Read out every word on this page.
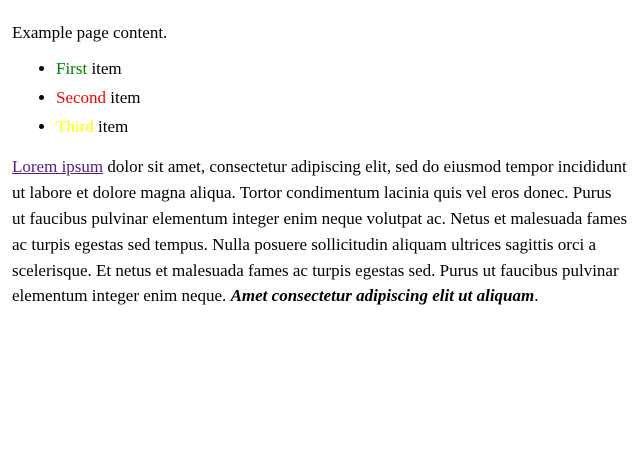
Example page content.

• First item
• Second item
• Third item

Lorem ipsum dolor sit amet, consectetur adipiscing elit, sed do eiusmod tempor incididunt ut labore et dolore magna aliqua. Tortor condimentum lacinia quis vel eros donec. Purus ut faucibus pulvinar elementum integer enim neque volutpat ac. Netus et malesuada fames ac turpis egestas sed tempus. Nulla posuere sollicitudin aliquam ultrices sagittis orci a scelerisque. Et netus et malesuada fames ac turpis egestas sed. Purus ut faucibus pulvinar elementum integer enim neque. Amet consectetur adipiscing elit ut aliquam.
